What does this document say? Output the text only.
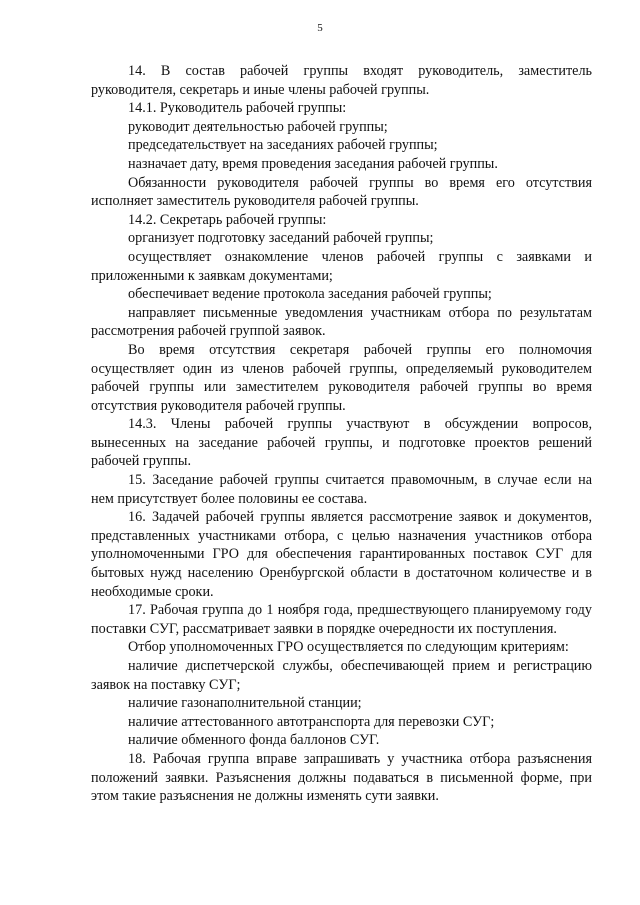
5

14. В состав рабочей группы входят руководитель, заместитель руководителя, секретарь и иные члены рабочей группы.

14.1. Руководитель рабочей группы:

руководит деятельностью рабочей группы;

председательствует на заседаниях рабочей группы;

назначает дату, время проведения заседания рабочей группы.

Обязанности руководителя рабочей группы во время его отсутствия исполняет заместитель руководителя рабочей группы.

14.2. Секретарь рабочей группы:

организует подготовку заседаний рабочей группы;

осуществляет ознакомление членов рабочей группы с заявками и приложенными к заявкам документами;

обеспечивает ведение протокола заседания рабочей группы;

направляет письменные уведомления участникам отбора по результатам рассмотрения рабочей группой заявок.

Во время отсутствия секретаря рабочей группы его полномочия осуществляет один из членов рабочей группы, определяемый руководителем рабочей группы или заместителем руководителя рабочей группы во время отсутствия руководителя рабочей группы.

14.3. Члены рабочей группы участвуют в обсуждении вопросов, вынесенных на заседание рабочей группы, и подготовке проектов решений рабочей группы.

15. Заседание рабочей группы считается правомочным, в случае если на нем присутствует более половины ее состава.

16. Задачей рабочей группы является рассмотрение заявок и документов, представленных участниками отбора, с целью назначения участников отбора уполномоченными ГРО для обеспечения гарантированных поставок СУГ для бытовых нужд населению Оренбургской области в достаточном количестве и в необходимые сроки.

17. Рабочая группа до 1 ноября года, предшествующего планируемому году поставки СУГ, рассматривает заявки в порядке очередности их поступления.

Отбор уполномоченных ГРО осуществляется по следующим критериям:

наличие диспетчерской службы, обеспечивающей прием и регистрацию заявок на поставку СУГ;

наличие газонаполнительной станции;

наличие аттестованного автотранспорта для перевозки СУГ;

наличие обменного фонда баллонов СУГ.

18. Рабочая группа вправе запрашивать у участника отбора разъяснения положений заявки. Разъяснения должны подаваться в письменной форме, при этом такие разъяснения не должны изменять сути заявки.
